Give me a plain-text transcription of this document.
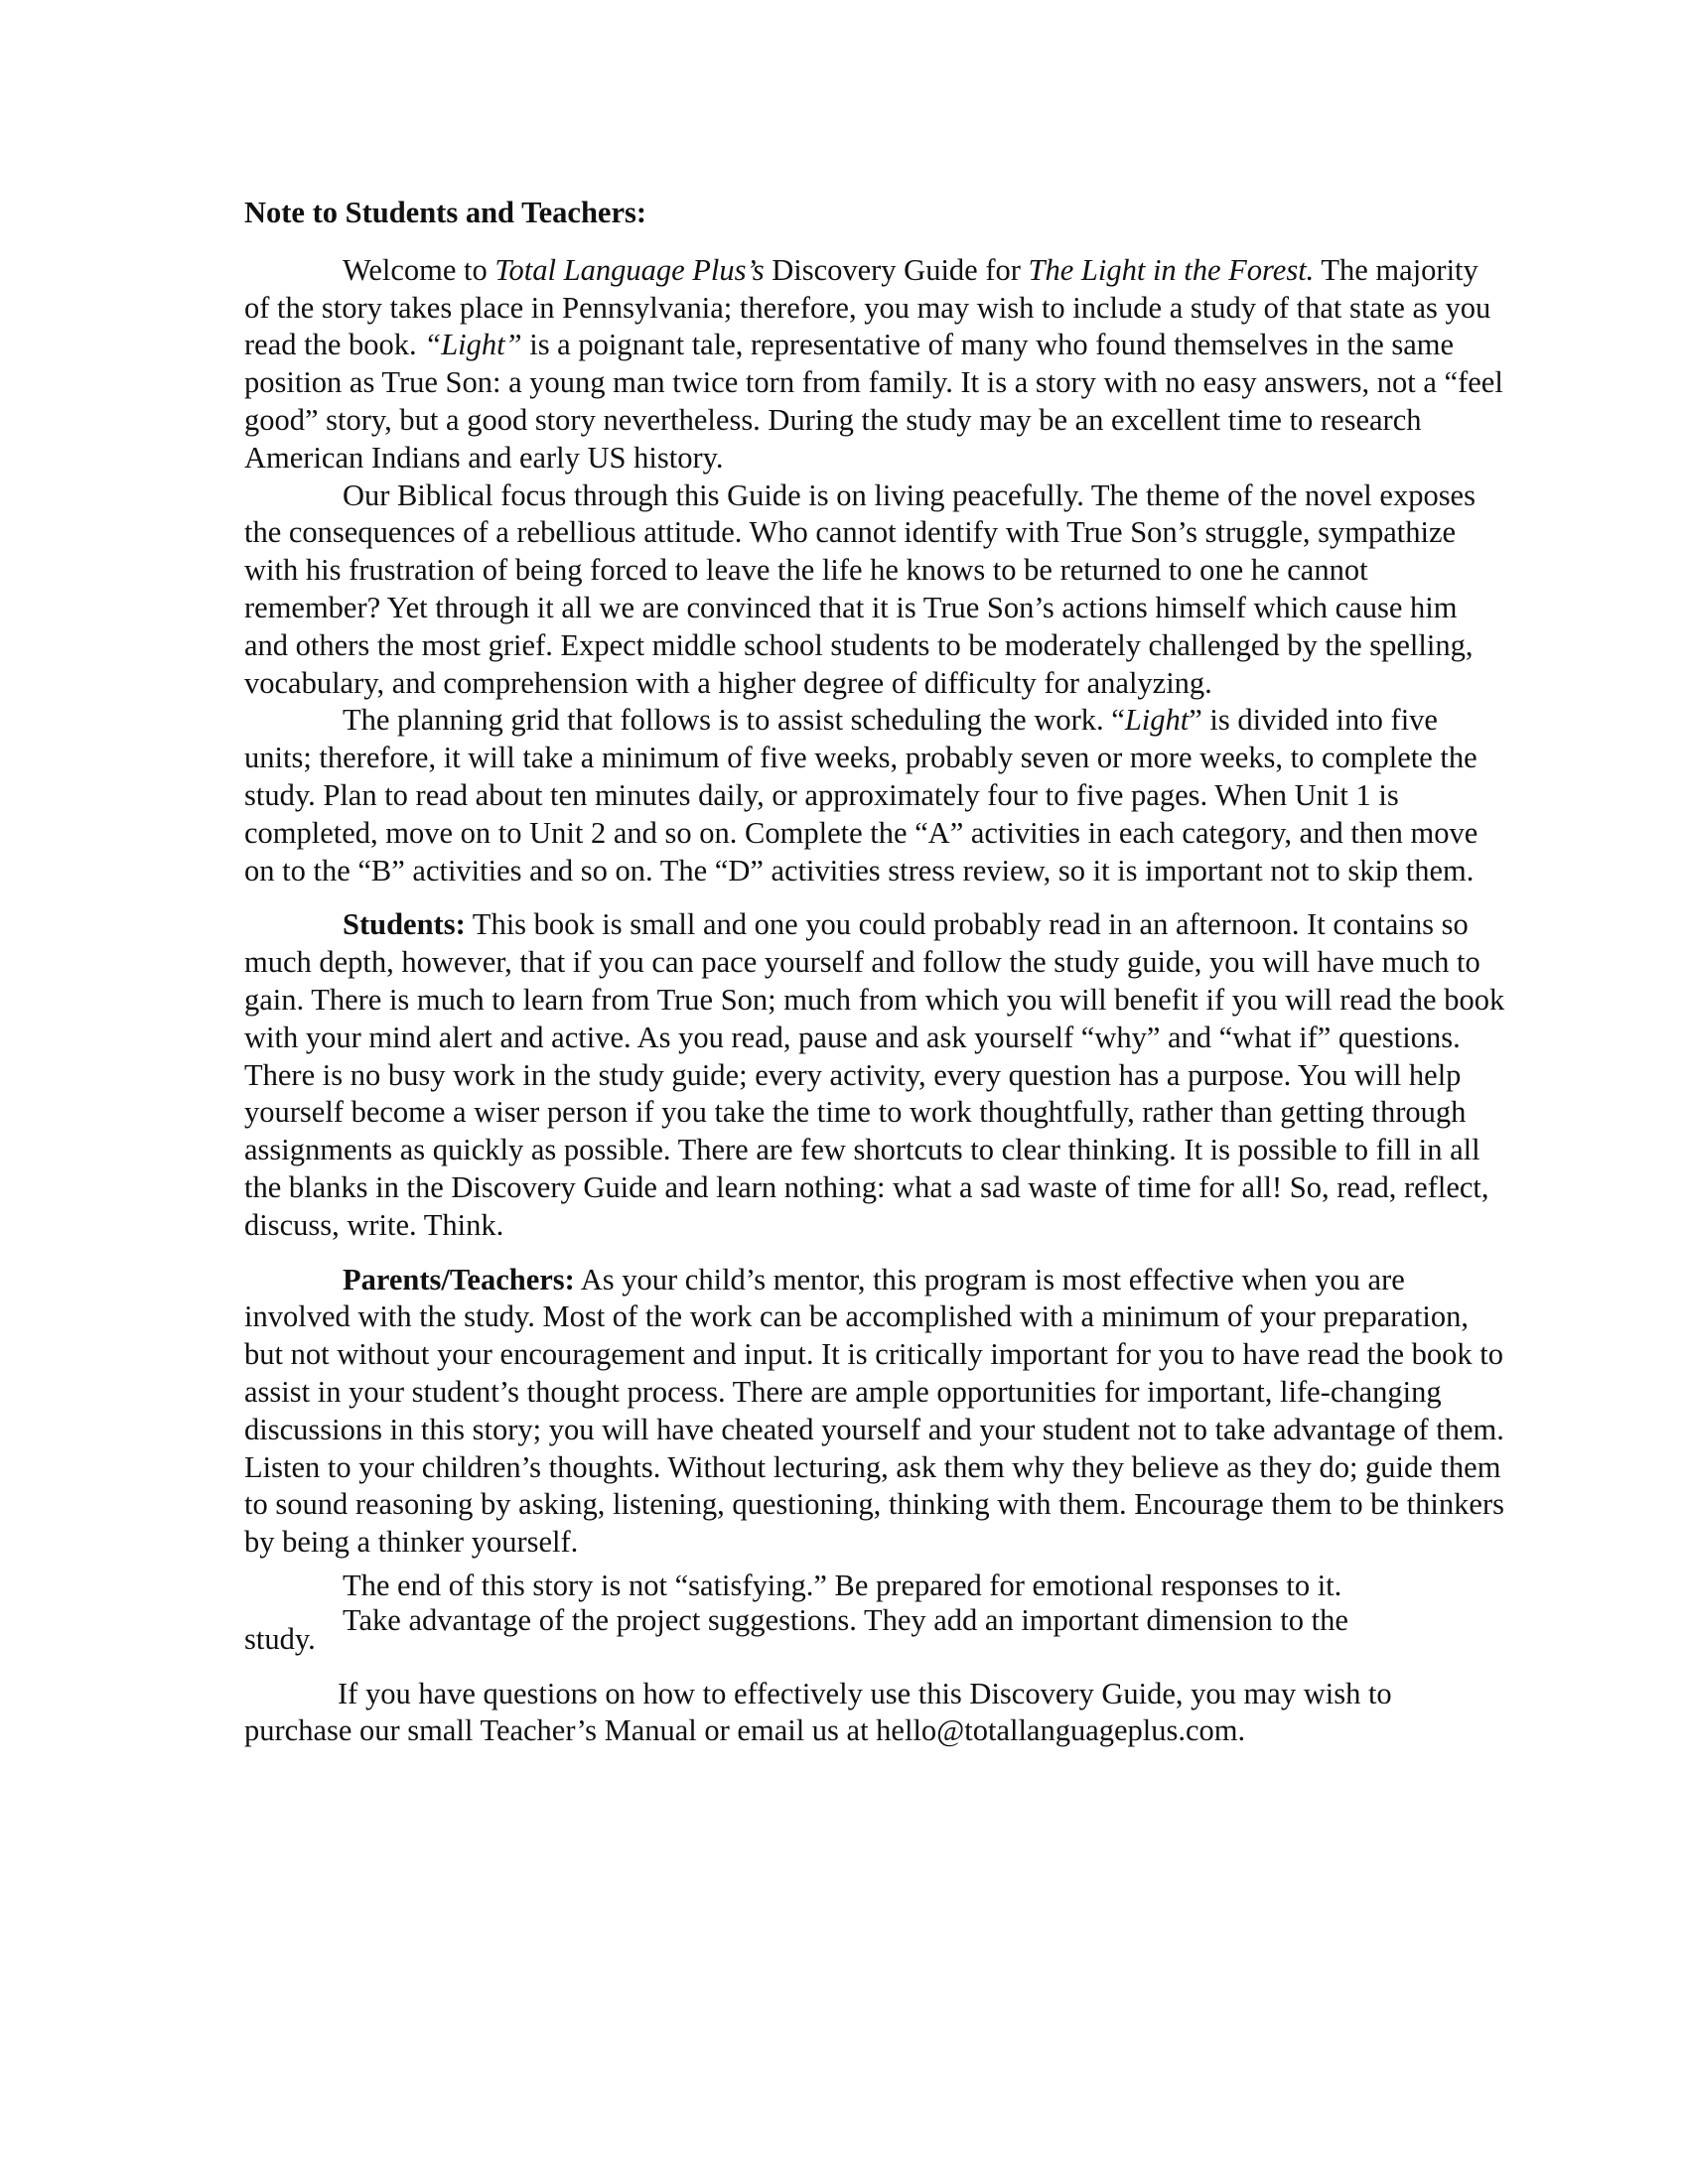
Note to Students and Teachers:

Welcome to Total Language Plus’s Discovery Guide for The Light in the Forest. The majority of the story takes place in Pennsylvania; therefore, you may wish to include a study of that state as you read the book. “Light” is a poignant tale, representative of many who found themselves in the same position as True Son: a young man twice torn from family. It is a story with no easy answers, not a “feel good” story, but a good story nevertheless. During the study may be an excellent time to research American Indians and early US history.

Our Biblical focus through this Guide is on living peacefully. The theme of the novel exposes the consequences of a rebellious attitude. Who cannot identify with True Son’s struggle, sympathize with his frustration of being forced to leave the life he knows to be returned to one he cannot remember? Yet through it all we are convinced that it is True Son’s actions himself which cause him and others the most grief. Expect middle school students to be moderately challenged by the spelling, vocabulary, and comprehension with a higher degree of difficulty for analyzing.

The planning grid that follows is to assist scheduling the work. “Light” is divided into five units; therefore, it will take a minimum of five weeks, probably seven or more weeks, to complete the study. Plan to read about ten minutes daily, or approximately four to five pages. When Unit 1 is completed, move on to Unit 2 and so on. Complete the “A” activities in each category, and then move on to the “B” activities and so on. The “D” activities stress review, so it is important not to skip them.

Students: This book is small and one you could probably read in an afternoon. It contains so much depth, however, that if you can pace yourself and follow the study guide, you will have much to gain. There is much to learn from True Son; much from which you will benefit if you will read the book with your mind alert and active. As you read, pause and ask yourself “why” and “what if” questions. There is no busy work in the study guide; every activity, every question has a purpose. You will help yourself become a wiser person if you take the time to work thoughtfully, rather than getting through assignments as quickly as possible. There are few shortcuts to clear thinking. It is possible to fill in all the blanks in the Discovery Guide and learn nothing: what a sad waste of time for all! So, read, reflect, discuss, write. Think.

Parents/Teachers: As your child’s mentor, this program is most effective when you are involved with the study. Most of the work can be accomplished with a minimum of your preparation, but not without your encouragement and input. It is critically important for you to have read the book to assist in your student’s thought process. There are ample opportunities for important, life-changing discussions in this story; you will have cheated yourself and your student not to take advantage of them. Listen to your children’s thoughts. Without lecturing, ask them why they believe as they do; guide them to sound reasoning by asking, listening, questioning, thinking with them. Encourage them to be thinkers by being a thinker yourself.

The end of this story is not “satisfying.” Be prepared for emotional responses to it.

Take advantage of the project suggestions. They add an important dimension to the
study.

If you have questions on how to effectively use this Discovery Guide, you may wish to purchase our small Teacher’s Manual or email us at hello@totallanguageplus.com.
